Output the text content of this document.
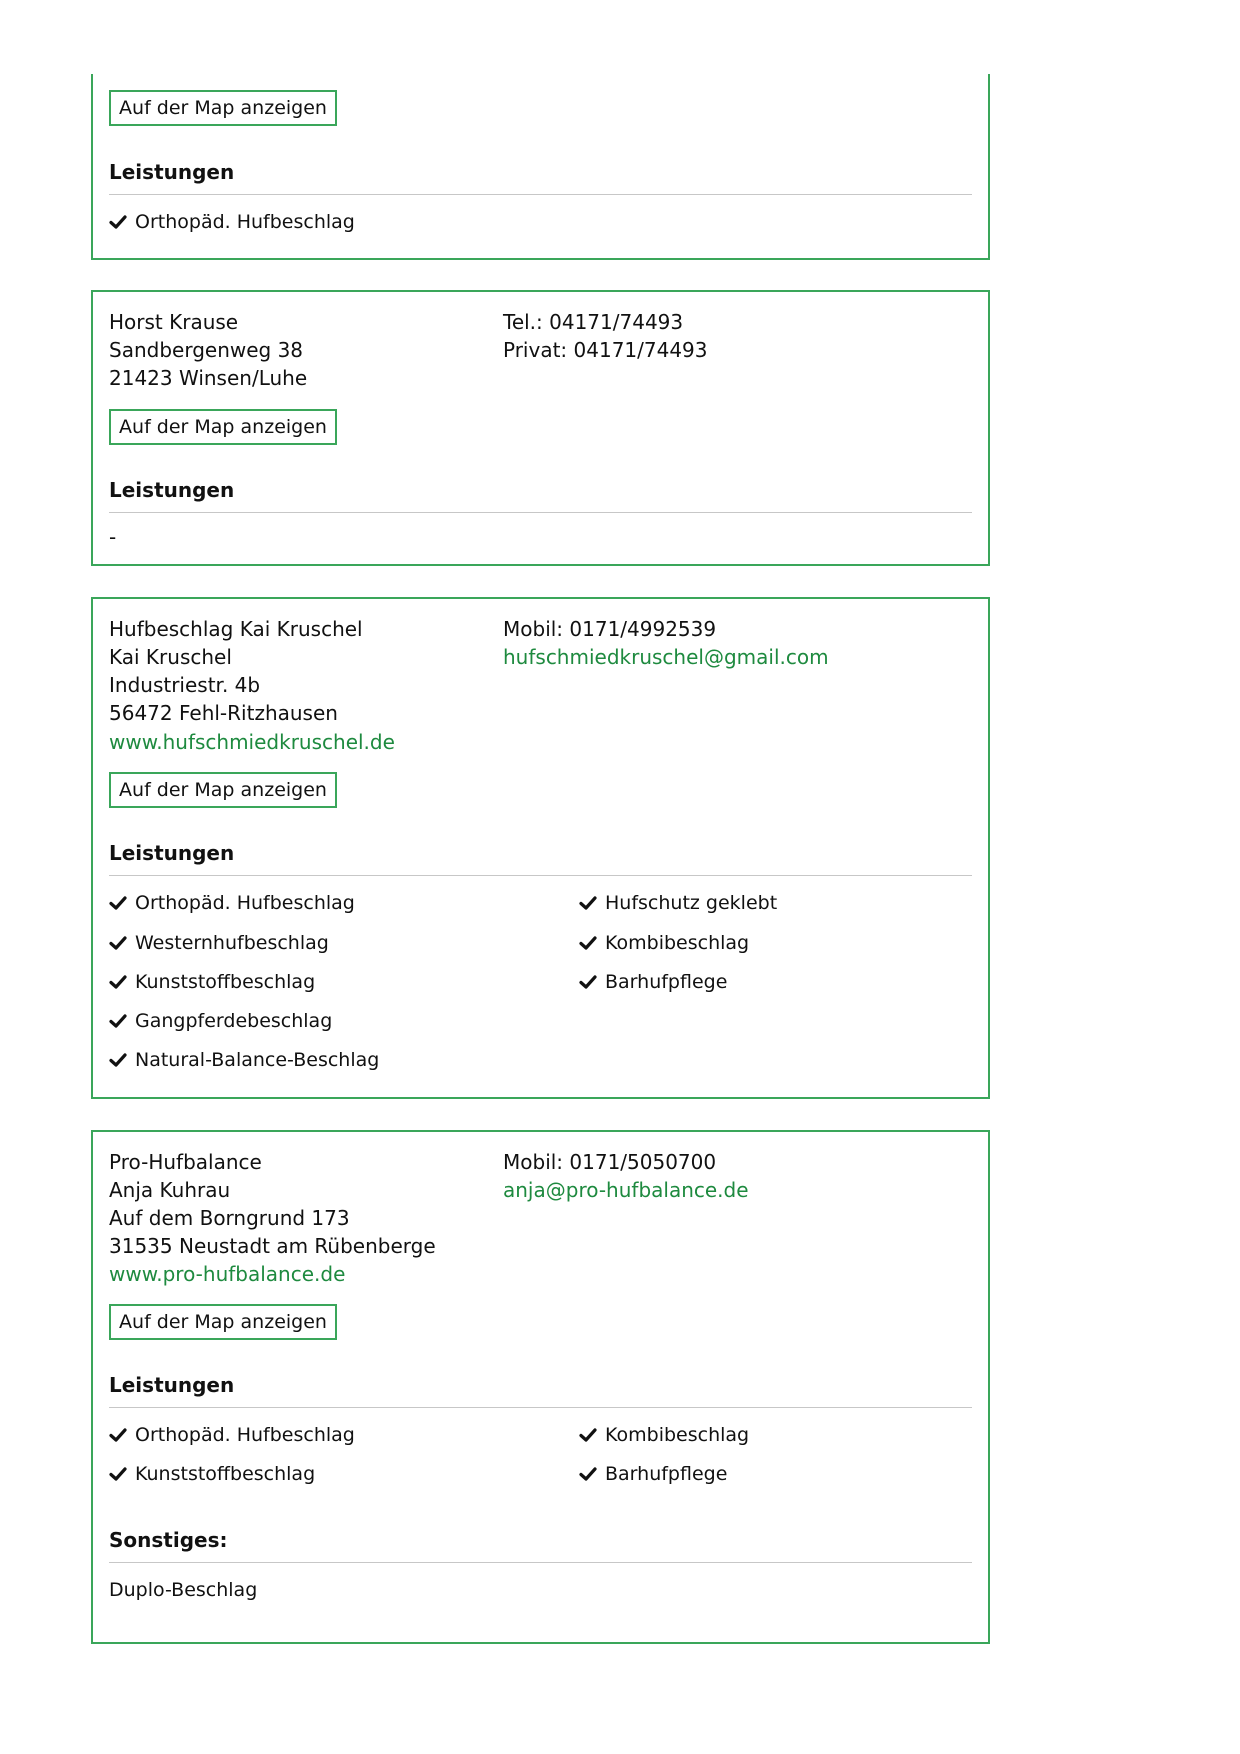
Auf der Map anzeigen
Leistungen
Orthopäd. Hufbeschlag
Horst Krause
Sandbergenweg 38
21423 Winsen/Luhe
Tel.: 04171/74493
Privat: 04171/74493
Auf der Map anzeigen
Leistungen
-
Hufbeschlag Kai Kruschel
Kai Kruschel
Industriestr. 4b
56472 Fehl-Ritzhausen
www.hufschmiedkruschel.de
Mobil: 0171/4992539
hufschmiedkruschel@gmail.com
Auf der Map anzeigen
Leistungen
Orthopäd. Hufbeschlag
Westernhufbeschlag
Kunststoffbeschlag
Gangpferdebeschlag
Natural-Balance-Beschlag
Hufschutz geklebt
Kombibeschlag
Barhufpflege
Pro-Hufbalance
Anja Kuhrau
Auf dem Borngrund 173
31535 Neustadt am Rübenberge
www.pro-hufbalance.de
Mobil: 0171/5050700
anja@pro-hufbalance.de
Auf der Map anzeigen
Leistungen
Orthopäd. Hufbeschlag
Kunststoffbeschlag
Kombibeschlag
Barhufpflege
Sonstiges:
Duplo-Beschlag
